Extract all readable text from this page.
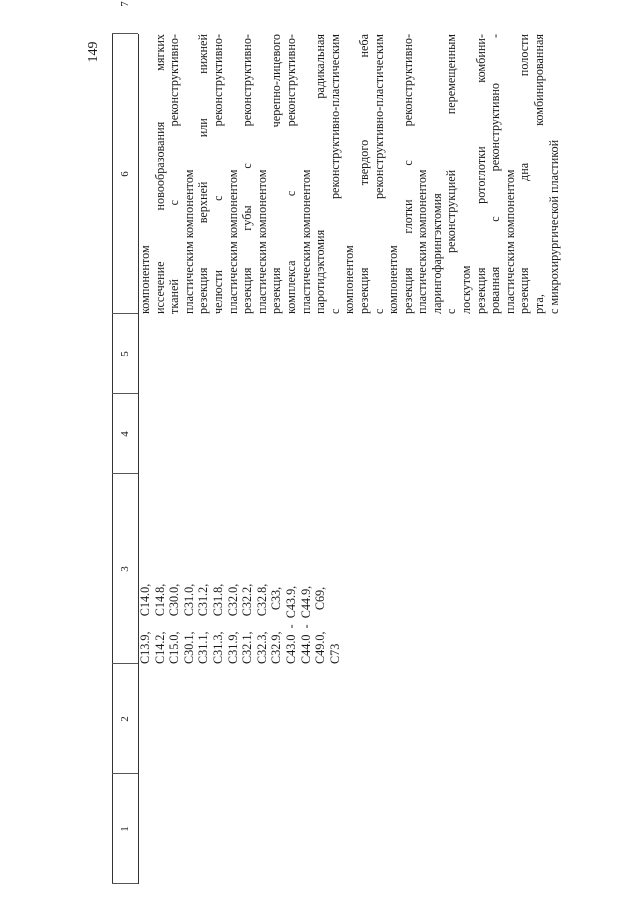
149
1
2
3
4
5
6
7
C13.9,     C14.0, C14.2,     C14.8, C15.0,     C30.0, C30.1,     C31.0, C31.1,     C31.2, C31.3,     C31.8, C31.9,     C32.0, C32.1,     C32.2, C32.3,     C32.8, C32.9,       C33, C43.0  -  C43.9, C44.0  -  C44.9, C49.0,       C69, C73
компонентом иссечение новообразования мягких тканей с реконструктивно- пластическим компонентом резекция верхней или нижней челюсти с реконструктивно- пластическим компонентом резекция губы с реконструктивно- пластическим компонентом резекция черепно-лицевого комплекса с реконструктивно- пластическим компонентом паротидэктомия радикальная с реконструктивно-пластическим компонентом резекция твердого неба с реконструктивно-пластическим компонентом резекция глотки с реконструктивно- пластическим компонентом ларингофарингэктомия с реконструкцией перемещенным лоскутом резекция ротоглотки комбини- рованная с реконструктивно - пластическим компонентом резекция дна полости рта, комбинированная с микрохирургической пластикой
